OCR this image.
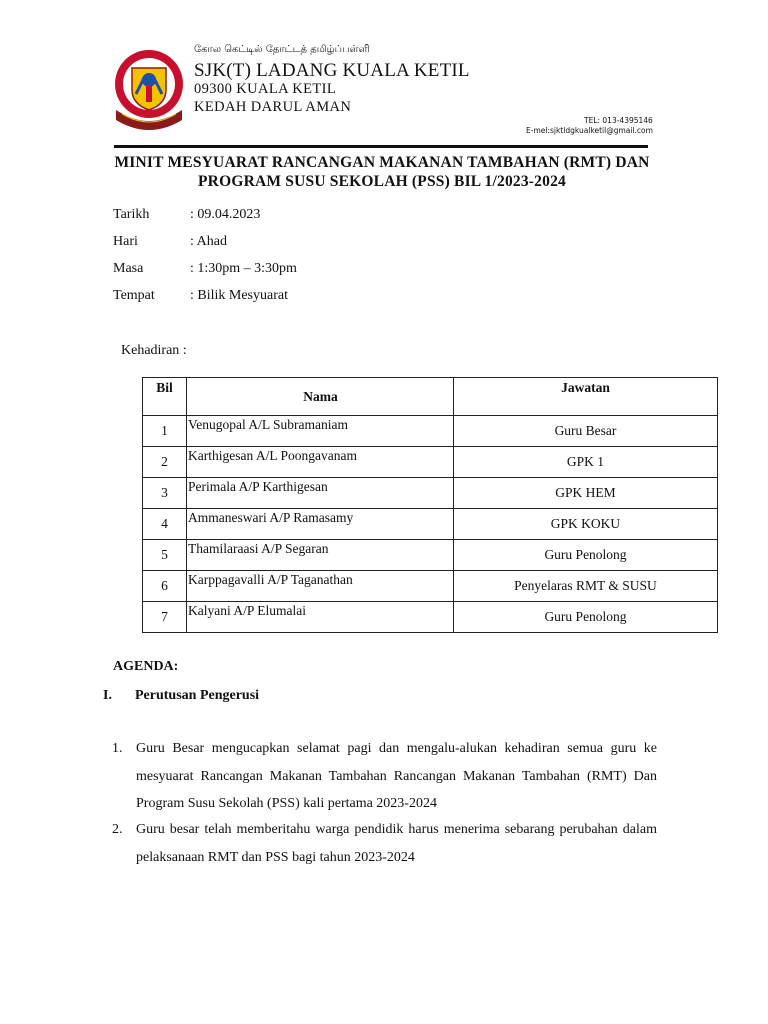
கோல கெட்டில் தோட்டத் தமிழ்ப்பள்ளி
SJK(T) LADANG KUALA KETIL
09300 KUALA KETIL
KEDAH DARUL AMAN
TEL: 013-4395146
E-mel:sjktldgkualketil@gmail.com
MINIT MESYUARAT RANCANGAN MAKANAN TAMBAHAN (RMT) DAN
PROGRAM SUSU SEKOLAH (PSS) BIL 1/2023-2024
Tarikh	: 09.04.2023
Hari	: Ahad
Masa	: 1:30pm – 3:30pm
Tempat	: Bilik Mesyuarat
Kehadiran :
Bil	Nama	Jawatan
1	Venugopal A/L Subramaniam	Guru Besar
2	Karthigesan A/L Poongavanam	GPK 1
3	Perimala A/P Karthigesan	GPK HEM
4	Ammaneswari A/P Ramasamy	GPK KOKU
5	Thamilaraasi A/P Segaran	Guru Penolong
6	Karppagavalli A/P Taganathan	Penyelaras RMT & SUSU
7	Kalyani A/P Elumalai	Guru Penolong
AGENDA:
I. Perutusan Pengerusi
1. Guru Besar mengucapkan selamat pagi dan mengalu-alukan kehadiran semua guru ke mesyuarat Rancangan Makanan Tambahan Rancangan Makanan Tambahan (RMT) Dan Program Susu Sekolah (PSS) kali pertama 2023-2024
2. Guru besar telah memberitahu warga pendidik harus menerima sebarang perubahan dalam pelaksanaan RMT dan PSS bagi tahun 2023-2024
